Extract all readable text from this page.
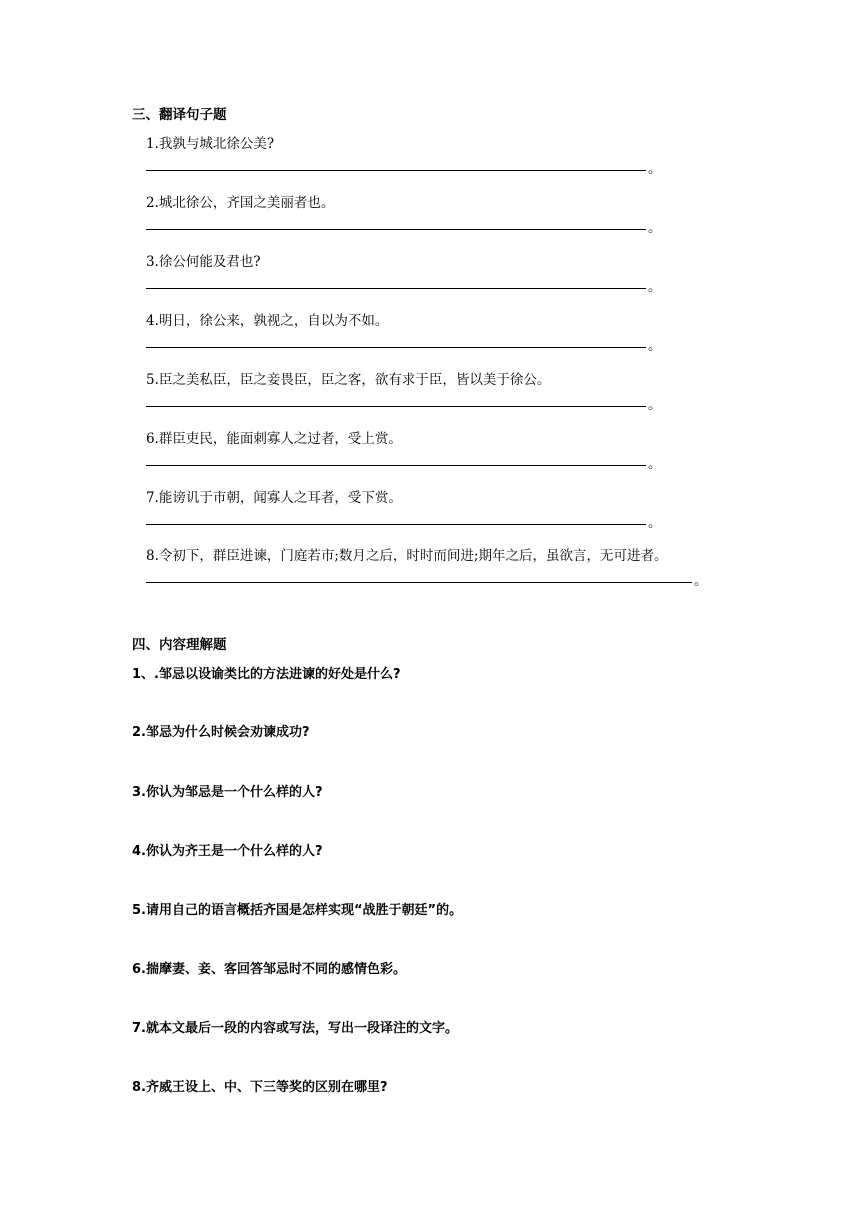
三、翻译句子题
1.我孰与城北徐公美?
。
2.城北徐公，齐国之美丽者也。
。
3.徐公何能及君也?
。
4.明日，徐公来，孰视之，自以为不如。
。
5.臣之美私臣，臣之妾畏臣，臣之客，欲有求于臣，皆以美于徐公。
。
6.群臣吏民，能面刺寡人之过者，受上赏。
。
7.能谤讥于市朝，闻寡人之耳者，受下赏。
。
8.令初下，群臣进谏，门庭若市;数月之后，时时而间进;期年之后，虽欲言，无可进者。
。
四、内容理解题
1、.邹忌以设谕类比的方法进谏的好处是什么?
2.邹忌为什么时候会劝谏成功?
3.你认为邹忌是一个什么样的人?
4.你认为齐王是一个什么样的人?
5.请用自己的语言概括齐国是怎样实现“战胜于朝廷”的。
6.揣摩妻、妾、客回答邹忌时不同的感情色彩。
7.就本文最后一段的内容或写法，写出一段译注的文字。
8.齐威王设上、中、下三等奖的区别在哪里?
